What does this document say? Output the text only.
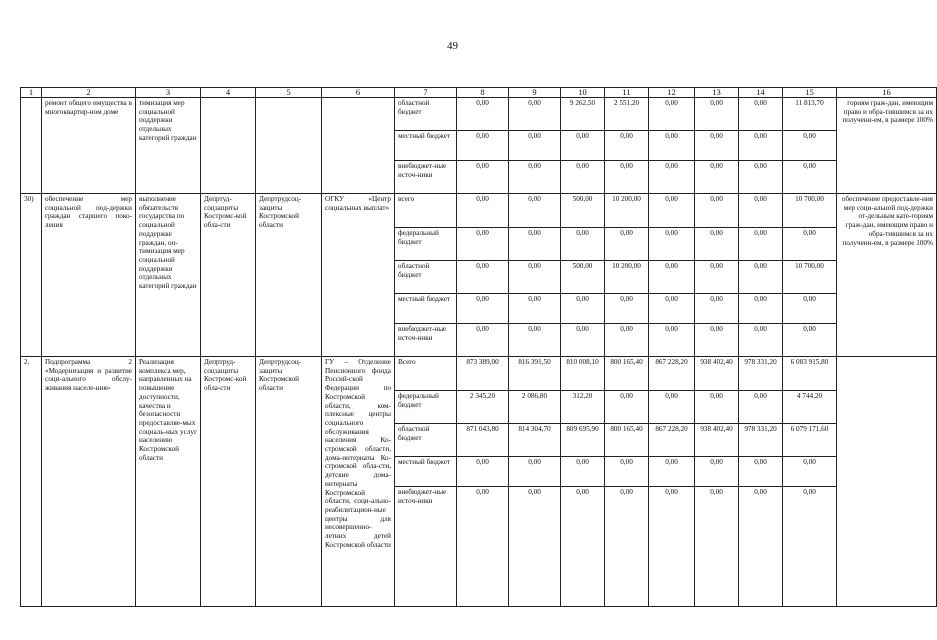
49
1	2	3	4	5	6	7	8	9	10	11	12	13	14	15	16
	ремонт общего имущества в многоквартир-ном доме	тимизация мер социальной поддержки отдельных категорий граждан				областной бюджет	0,00	0,00	9 262,50	2 551,20	0,00	0,00	0,00	11 813,70	гориям граж-дан, имеющим право и обра-тившимся за их получени-ем, в размере 100%
						местный бюджет	0,00	0,00	0,00	0,00	0,00	0,00	0,00	0,00	
						внебюджет-ные источ-ники	0,00	0,00	0,00	0,00	0,00	0,00	0,00	0,00	
30)	обеспечение мер социальной под-держки граждан старшего поко-ления	выполнение обязательств государства по социальной поддержке граждан, оп-тимизация мер социальной поддержки отдельных категорий граждан	Депртуд-соцзащиты Костромс-кой обла-сти	Депртрудсоц-защиты Костромской области	ОГКУ «Центр социальных выплат»	всего	0,00	0,00	500,00	10 200,00	0,00	0,00	0,00	10 700,00	обеспечение предоставле-ния мер соци-альной под-держки от-дельным кате-гориям граж-дан, имеющим право и обра-тившимся за их получени-ем, в размере 100%
						федеральный бюджет	0,00	0,00	0,00	0,00	0,00	0,00	0,00	0,00	
						областной бюджет	0,00	0,00	500,00	10 200,00	0,00	0,00	0,00	10 700,00	
						местный бюджет	0,00	0,00	0,00	0,00	0,00	0,00	0,00	0,00	
						внебюджет-ные источ-ники	0,00	0,00	0,00	0,00	0,00	0,00	0,00	0,00	
2.	Подпрограмма 2 «Модернизация и развитие соци-ального обслу-живания населе-ния»	Реализация комплекса мер, направленных на повышение доступности, качества и безопасности предоставляе-мых социаль-ных услуг населению Костромской области	Депртруд-соцзащиты Костромс-кой обла-сти	Депртрудсоц-защиты Костромской области	ГУ – Отделение Пенсионного фонда Россий-ской Федерации по Костромской области, ком-плексные центры социального обслуживания населения Ко-стромской области, дома-интернаты Ко-стромской обла-сти, детские дома-интернаты Костромской области, соци-ально-реабилитацион-ные центры для несовершенно-летних детей Костромской области	Всего	873 389,00	816 391,50	810 008,10	800 165,40	867 228,20	938 402,40	978 331,20	6 083 915,80	
						федеральный бюджет	2 345,20	2 086,80	312,20	0,00	0,00	0,00	0,00	4 744,20	
						областной бюджет	871 043,80	814 304,70	809 695,90	800 165,40	867 228,20	938 402,40	978 331,20	6 079 171,60	
						местный бюджет	0,00	0,00	0,00	0,00	0,00	0,00	0,00	0,00	
						внебюджет-ные источ-ники	0,00	0,00	0,00	0,00	0,00	0,00	0,00	0,00	
